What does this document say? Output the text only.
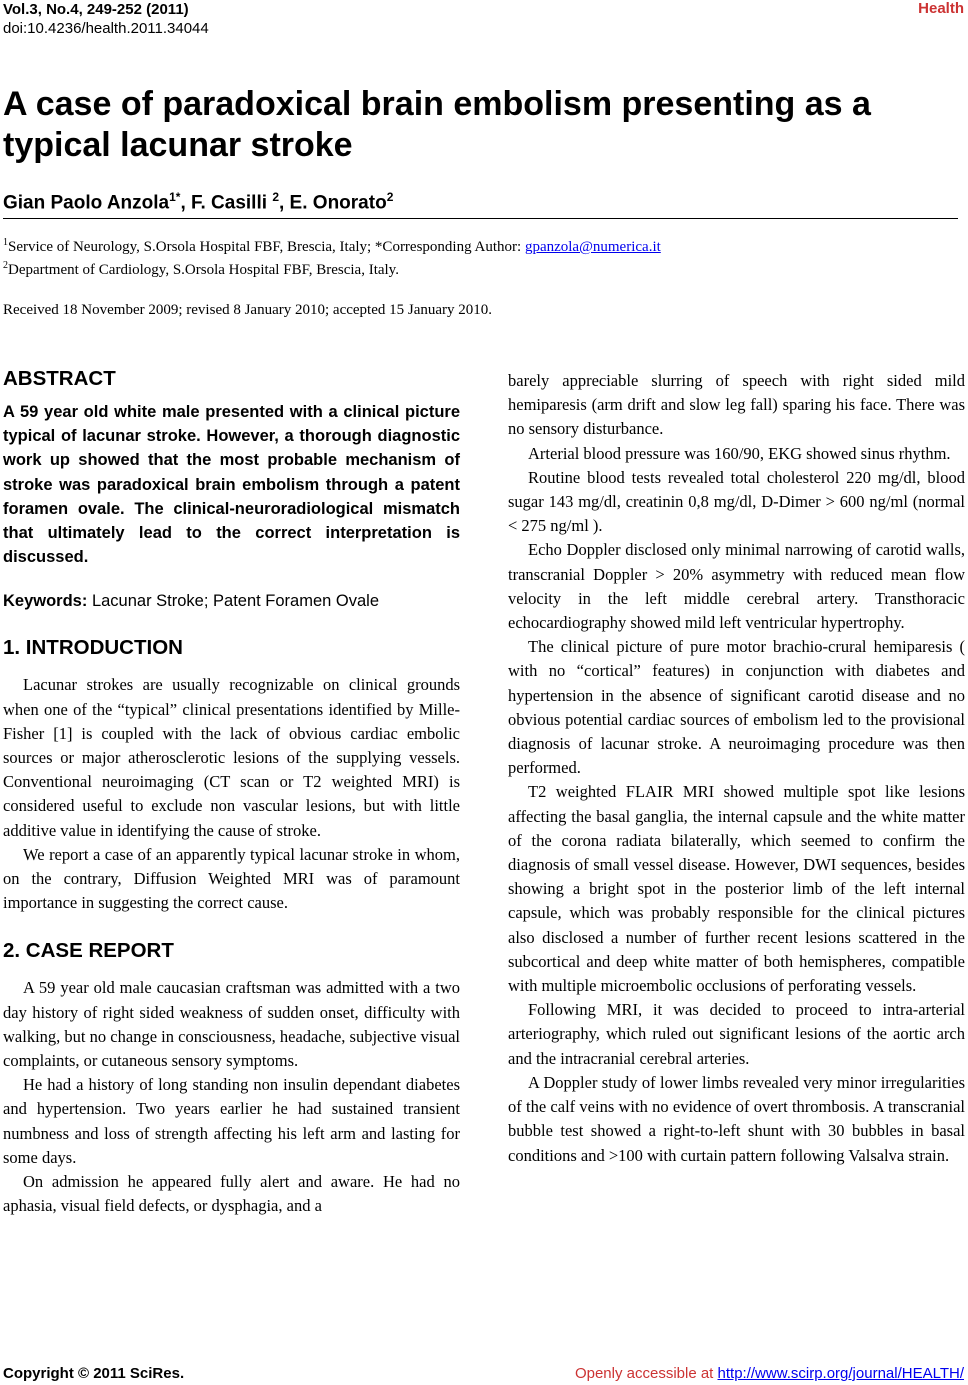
Vol.3, No.4, 249-252 (2011)
doi:10.4236/health.2011.34044
Health
A case of paradoxical brain embolism presenting as a typical lacunar stroke
Gian Paolo Anzola$^{1*}$, F. Casilli $^2$, E. Onorato$^2$
$^1$Service of Neurology, S.Orsola Hospital FBF, Brescia, Italy; *Corresponding Author: gpanzola@numerica.it
$^2$Department of Cardiology, S.Orsola Hospital FBF, Brescia, Italy.
Received 18 November 2009; revised 8 January 2010; accepted 15 January 2010.
ABSTRACT

A 59 year old white male presented with a clinical picture typical of lacunar stroke. However, a thorough diagnostic work up showed that the most probable mechanism of stroke was paradoxical brain embolism through a patent foramen ovale. The clinical-neuroradiological mismatch that ultimately lead to the correct interpretation is discussed.

Keywords: Lacunar Stroke; Patent Foramen Ovale

1. INTRODUCTION

Lacunar strokes are usually recognizable on clinical grounds when one of the “typical” clinical presentations identified by Mille-Fisher [1] is coupled with the lack of obvious cardiac embolic sources or major atherosclerotic lesions of the supplying vessels. Conventional neuroimaging (CT scan or T2 weighted MRI) is considered useful to exclude non vascular lesions, but with little additive value in identifying the cause of stroke.

We report a case of an apparently typical lacunar stroke in whom, on the contrary, Diffusion Weighted MRI was of paramount importance in suggesting the correct cause.

2. CASE REPORT

A 59 year old male caucasian craftsman was admitted with a two day history of right sided weakness of sudden onset, difficulty with walking, but no change in consciousness, headache, subjective visual complaints, or cutaneous sensory symptoms.

He had a history of long standing non insulin dependant diabetes and hypertension. Two years earlier he had sustained transient numbness and loss of strength affecting his left arm and lasting for some days.

On admission he appeared fully alert and aware. He had no aphasia, visual field defects, or dysphagia, and a

barely appreciable slurring of speech with right sided mild hemiparesis (arm drift and slow leg fall) sparing his face. There was no sensory disturbance.

Arterial blood pressure was 160/90, EKG showed sinus rhythm.

Routine blood tests revealed total cholesterol 220 mg/dl, blood sugar 143 mg/dl, creatinin 0,8 mg/dl, D-Dimer > 600 ng/ml (normal < 275 ng/ml ).

Echo Doppler disclosed only minimal narrowing of carotid walls, transcranial Doppler > 20% asymmetry with reduced mean flow velocity in the left middle cerebral artery. Transthoracic echocardiography showed mild left ventricular hypertrophy.

The clinical picture of pure motor brachio-crural hemiparesis ( with no “cortical” features) in conjunction with diabetes and hypertension in the absence of significant carotid disease and no obvious potential cardiac sources of embolism led to the provisional diagnosis of lacunar stroke. A neuroimaging procedure was then performed.

T2 weighted FLAIR MRI showed multiple spot like lesions affecting the basal ganglia, the internal capsule and the white matter of the corona radiata bilaterally, which seemed to confirm the diagnosis of small vessel disease. However, DWI sequences, besides showing a bright spot in the posterior limb of the left internal capsule, which was probably responsible for the clinical pictures also disclosed a number of further recent lesions scattered in the subcortical and deep white matter of both hemispheres, compatible with multiple microembolic occlusions of perforating vessels.

Following MRI, it was decided to proceed to intra-arterial arteriography, which ruled out significant lesions of the aortic arch and the intracranial cerebral arteries.

A Doppler study of lower limbs revealed very minor irregularities of the calf veins with no evidence of overt thrombosis. A transcranial bubble test showed a right-to-left shunt with 30 bubbles in basal conditions and >100 with curtain pattern following Valsalva strain.

Copyright © 2011 SciRes.	Openly accessible at http://www.scirp.org/journal/HEALTH/
